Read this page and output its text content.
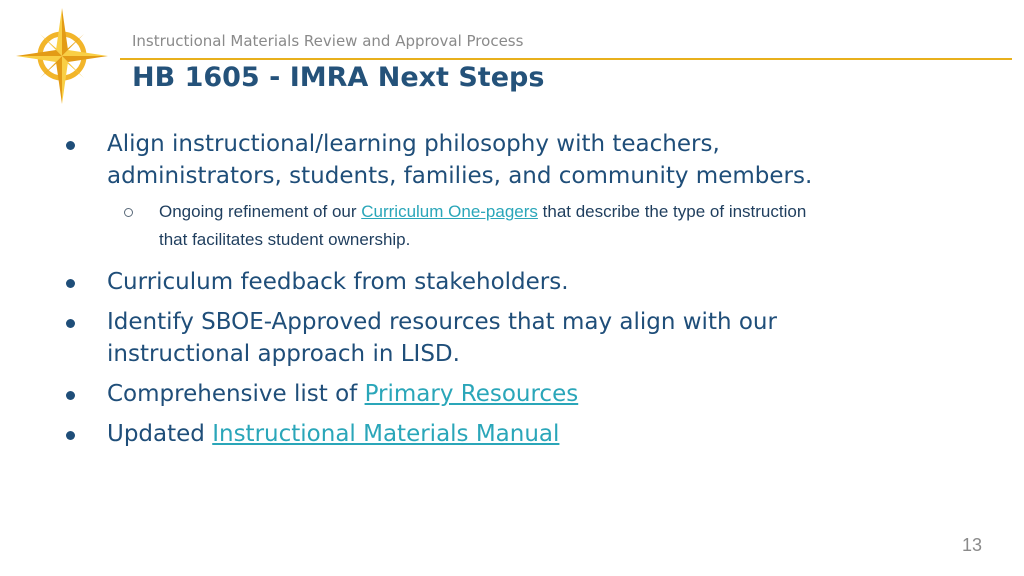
Instructional Materials Review and Approval Process
HB 1605 - IMRA Next Steps
Align instructional/learning philosophy with teachers,
administrators, students, families, and community members.
Ongoing refinement of our Curriculum One-pagers that describe the type of instruction that facilitates student ownership.
Curriculum feedback from stakeholders.
Identify SBOE-Approved resources that may align with our
instructional approach in LISD.
Comprehensive list of Primary Resources
Updated Instructional Materials Manual
13
